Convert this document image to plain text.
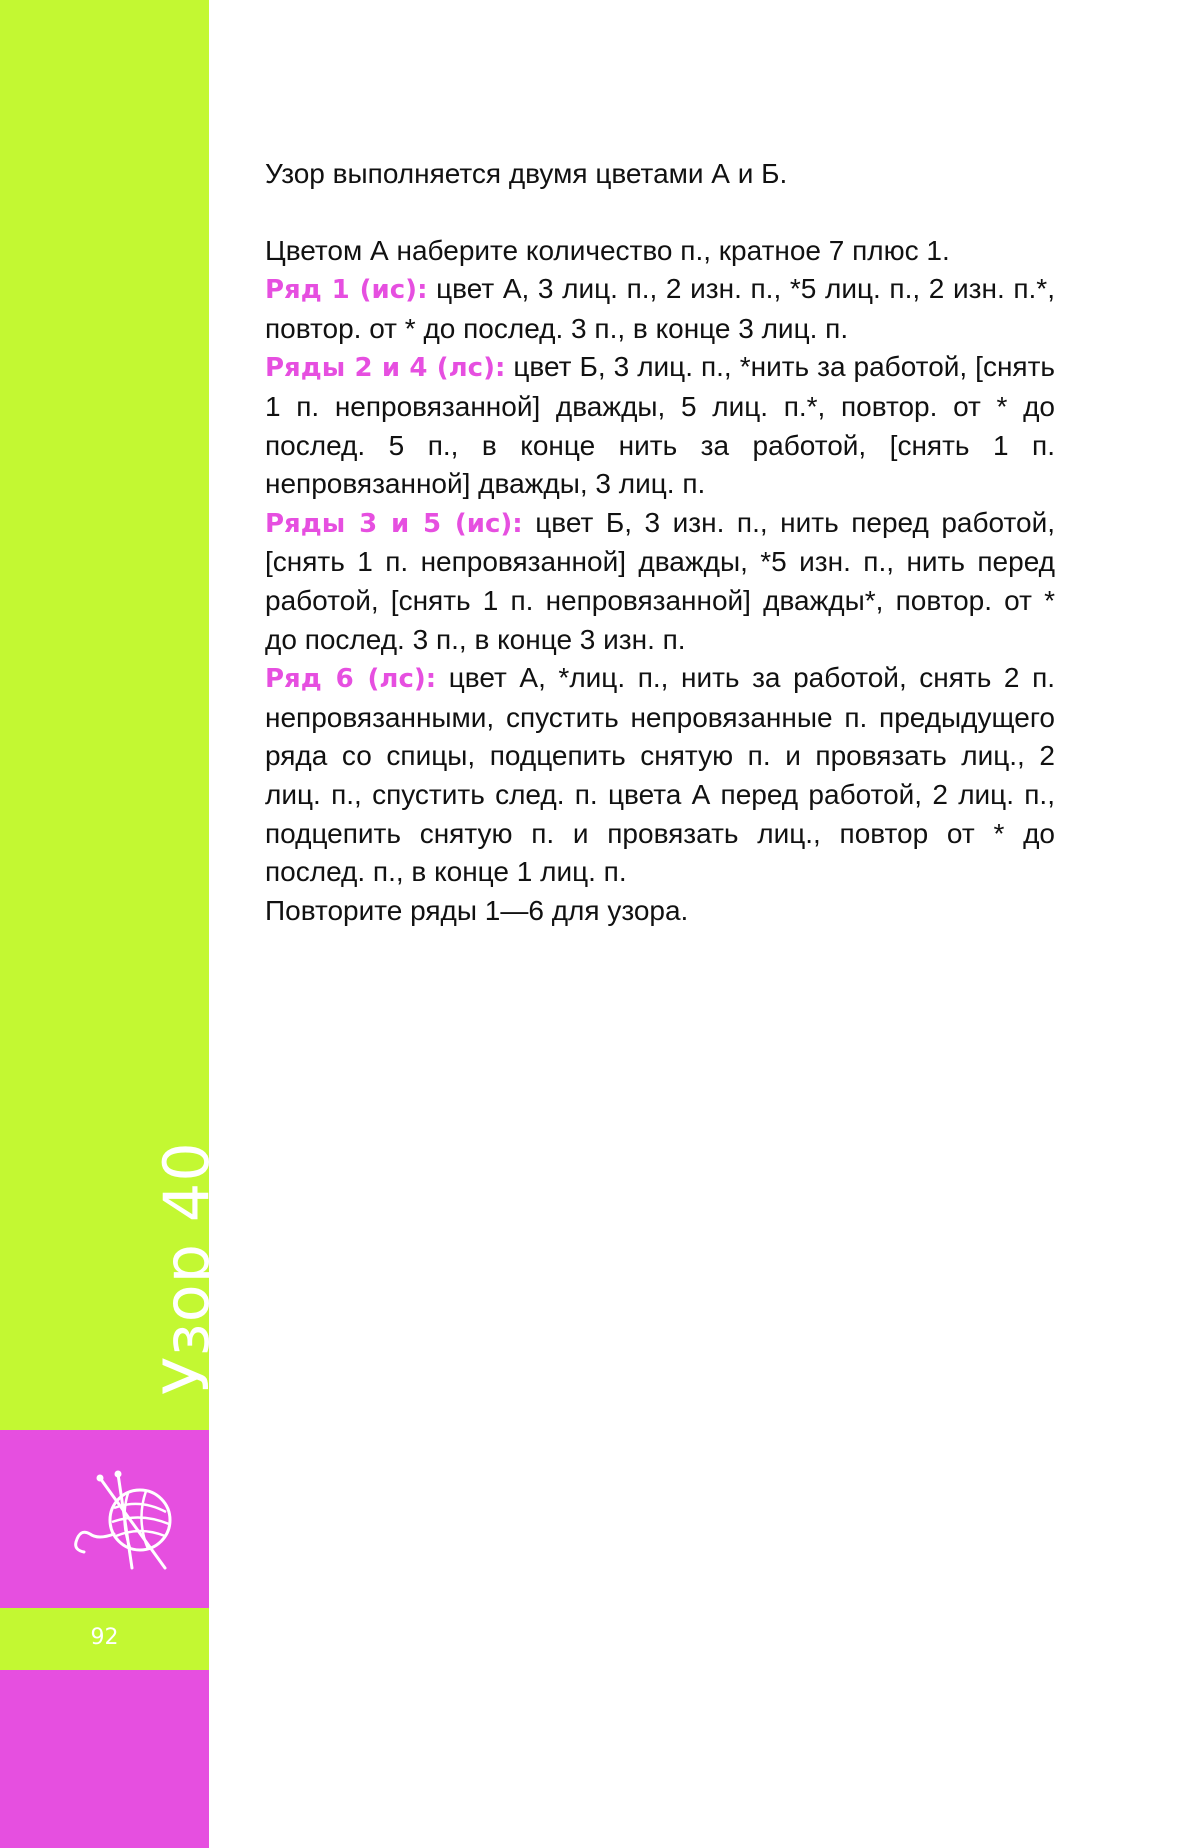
Узор 40
92

Узор выполняется двумя цветами А и Б.

Цветом А наберите количество п., кратное 7 плюс 1.

Ряд 1 (ис): цвет А, 3 лиц. п., 2 изн. п., *5 лиц. п., 2 изн. п.*, повтор. от * до послед. 3 п., в конце 3 лиц. п.

Ряды 2 и 4 (лс): цвет Б, 3 лиц. п., *нить за работой, [снять 1 п. непровязанной] дважды, 5 лиц. п.*, повтор. от * до послед. 5 п., в конце нить за работой, [снять 1 п. непровязанной] дважды, 3 лиц. п.

Ряды 3 и 5 (ис): цвет Б, 3 изн. п., нить перед работой, [снять 1 п. непровязанной] дважды, *5 изн. п., нить перед работой, [снять 1 п. непровязанной] дважды*, повтор. от * до послед. 3 п., в конце 3 изн. п.

Ряд 6 (лс): цвет А, *лиц. п., нить за работой, снять 2 п. непровязанными, спустить непровязанные п. предыдущего ряда со спицы, подцепить снятую п. и провязать лиц., 2 лиц. п., спустить след. п. цвета А перед работой, 2 лиц. п., подцепить снятую п. и провязать лиц., повтор от * до послед. п., в конце 1 лиц. п.

Повторите ряды 1—6 для узора.
